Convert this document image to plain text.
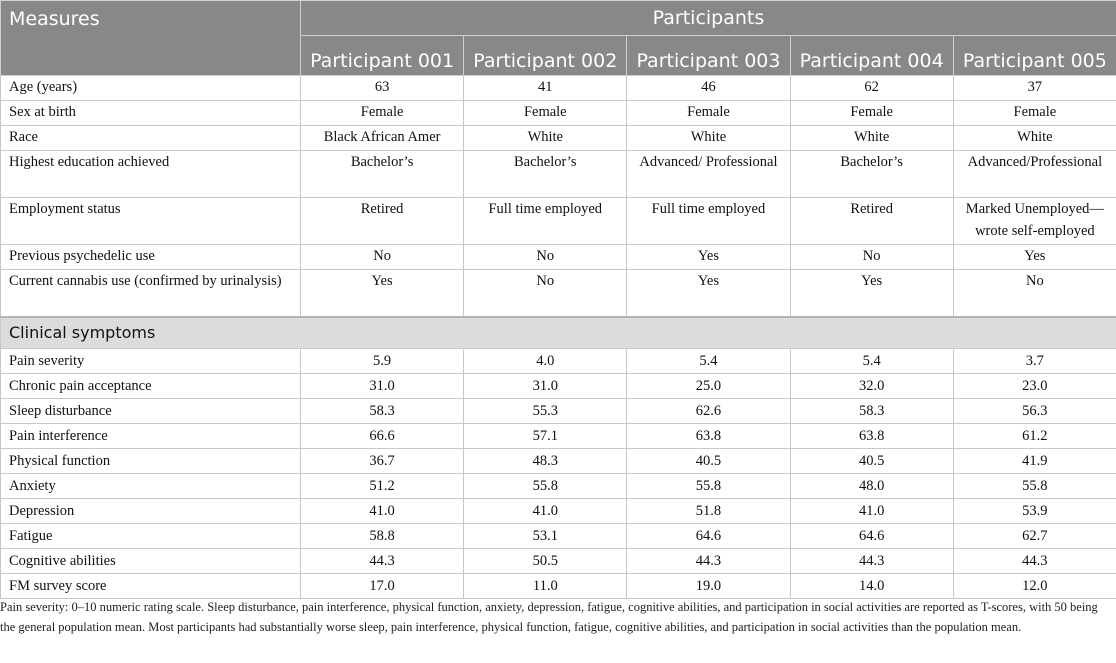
Measures	Participants				
	Participant 001	Participant 002	Participant 003	Participant 004	Participant 005
Age (years)	63	41	46	62	37
Sex at birth	Female	Female	Female	Female	Female
Race	Black African Amer	White	White	White	White
Highest education achieved	Bachelor’s	Bachelor’s	Advanced/ Professional	Bachelor’s	Advanced/Professional
Employment status	Retired	Full time employed	Full time employed	Retired	Marked Unemployed—wrote self-employed
Previous psychedelic use	No	No	Yes	No	Yes
Current cannabis use (confirmed by urinalysis)	Yes	No	Yes	Yes	No
Clinical symptoms					
Pain severity	5.9	4.0	5.4	5.4	3.7
Chronic pain acceptance	31.0	31.0	25.0	32.0	23.0
Sleep disturbance	58.3	55.3	62.6	58.3	56.3
Pain interference	66.6	57.1	63.8	63.8	61.2
Physical function	36.7	48.3	40.5	40.5	41.9
Anxiety	51.2	55.8	55.8	48.0	55.8
Depression	41.0	41.0	51.8	41.0	53.9
Fatigue	58.8	53.1	64.6	64.6	62.7
Cognitive abilities	44.3	50.5	44.3	44.3	44.3
FM survey score	17.0	11.0	19.0	14.0	12.0

Pain severity: 0–10 numeric rating scale. Sleep disturbance, pain interference, physical function, anxiety, depression, fatigue, cognitive abilities, and participation in social activities are reported as T-scores, with 50 being the general population mean. Most participants had substantially worse sleep, pain interference, physical function, fatigue, cognitive abilities, and participation in social activities than the population mean.
